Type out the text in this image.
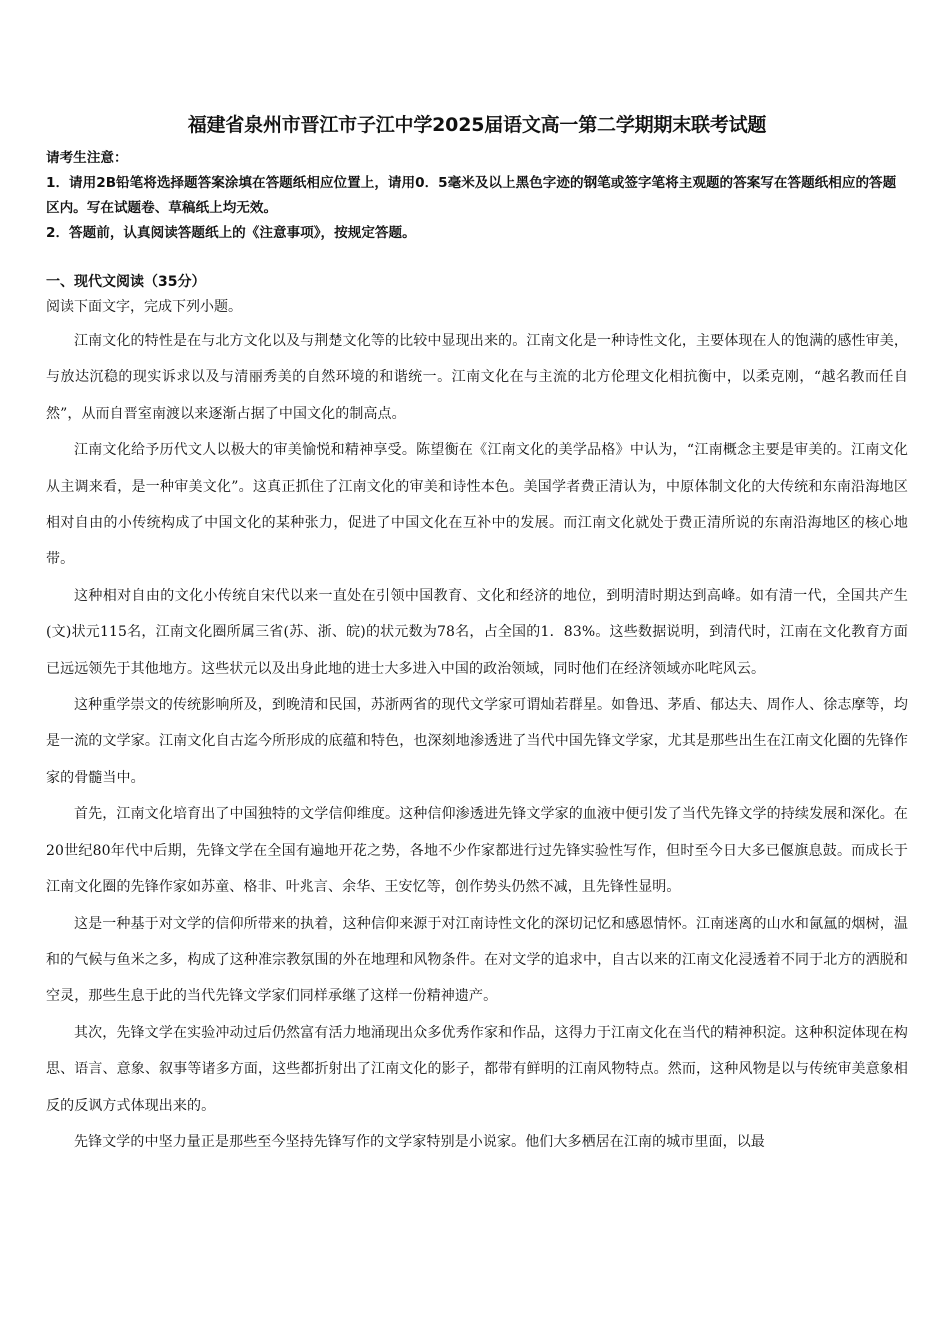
福建省泉州市晋江市子江中学2025届语文高一第二学期期末联考试题

请考生注意：

1．请用2B铅笔将选择题答案涂填在答题纸相应位置上，请用0．5毫米及以上黑色字迹的钢笔或签字笔将主观题的答案写在答题纸相应的答题区内。写在试题卷、草稿纸上均无效。

2．答题前，认真阅读答题纸上的《注意事项》，按规定答题。

一、现代文阅读（35分）

阅读下面文字，完成下列小题。

江南文化的特性是在与北方文化以及与荆楚文化等的比较中显现出来的。江南文化是一种诗性文化，主要体现在人的饱满的感性审美，与放达沉稳的现实诉求以及与清丽秀美的自然环境的和谐统一。江南文化在与主流的北方伦理文化相抗衡中，以柔克刚，“越名教而任自然”，从而自晋室南渡以来逐渐占据了中国文化的制高点。

江南文化给予历代文人以极大的审美愉悦和精神享受。陈望衡在《江南文化的美学品格》中认为，“江南概念主要是审美的。江南文化从主调来看，是一种审美文化”。这真正抓住了江南文化的审美和诗性本色。美国学者费正清认为，中原体制文化的大传统和东南沿海地区相对自由的小传统构成了中国文化的某种张力，促进了中国文化在互补中的发展。而江南文化就处于费正清所说的东南沿海地区的核心地带。

这种相对自由的文化小传统自宋代以来一直处在引领中国教育、文化和经济的地位，到明清时期达到高峰。如有清一代，全国共产生(文)状元115名，江南文化圈所属三省(苏、浙、皖)的状元数为78名，占全国的1．83%。这些数据说明，到清代时，江南在文化教育方面已远远领先于其他地方。这些状元以及出身此地的进士大多进入中国的政治领域，同时他们在经济领域亦叱咤风云。

这种重学崇文的传统影响所及，到晚清和民国，苏浙两省的现代文学家可谓灿若群星。如鲁迅、茅盾、郁达夫、周作人、徐志摩等，均是一流的文学家。江南文化自古迄今所形成的底蕴和特色，也深刻地渗透进了当代中国先锋文学家，尤其是那些出生在江南文化圈的先锋作家的骨髓当中。

首先，江南文化培育出了中国独特的文学信仰维度。这种信仰渗透进先锋文学家的血液中便引发了当代先锋文学的持续发展和深化。在20世纪80年代中后期，先锋文学在全国有遍地开花之势，各地不少作家都进行过先锋实验性写作，但时至今日大多已偃旗息鼓。而成长于江南文化圈的先锋作家如苏童、格非、叶兆言、余华、王安忆等，创作势头仍然不减，且先锋性显明。

这是一种基于对文学的信仰所带来的执着，这种信仰来源于对江南诗性文化的深切记忆和感恩情怀。江南迷离的山水和氤氲的烟树，温和的气候与鱼米之多，构成了这种准宗教氛围的外在地理和风物条件。在对文学的追求中，自古以来的江南文化浸透着不同于北方的洒脱和空灵，那些生息于此的当代先锋文学家们同样承继了这样一份精神遗产。

其次，先锋文学在实验冲动过后仍然富有活力地涌现出众多优秀作家和作品，这得力于江南文化在当代的精神积淀。这种积淀体现在构思、语言、意象、叙事等诸多方面，这些都折射出了江南文化的影子，都带有鲜明的江南风物特点。然而，这种风物是以与传统审美意象相反的反讽方式体现出来的。

先锋文学的中坚力量正是那些至今坚持先锋写作的文学家特别是小说家。他们大多栖居在江南的城市里面，以最
